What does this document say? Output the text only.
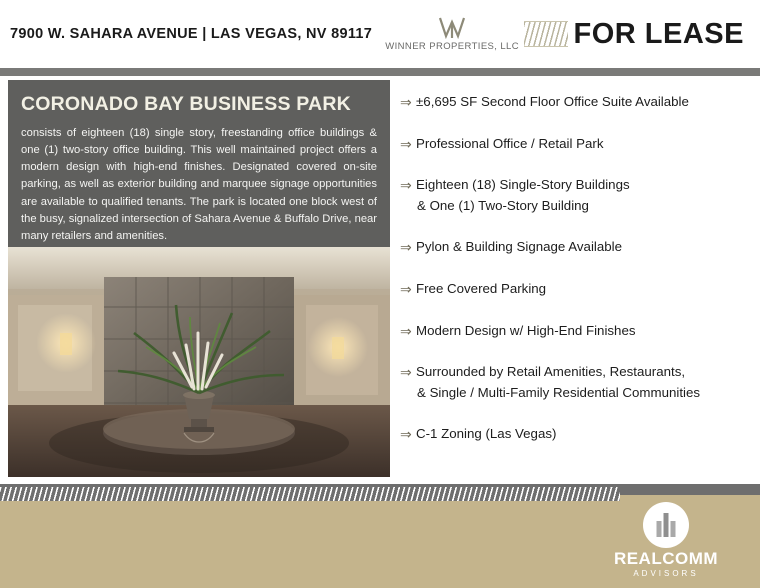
7900 W. SAHARA AVENUE | LAS VEGAS, NV 89117
WINNER PROPERTIES, LLC FOR LEASE
CORONADO BAY BUSINESS PARK
consists of eighteen (18) single story, freestanding office buildings & one (1) two-story office building. This well maintained project offers a modern design with high-end finishes. Designated covered on-site parking, as well as exterior building and marquee signage opportunities are available to qualified tenants. The park is located one block west of the busy, signalized intersection of Sahara Avenue & Buffalo Drive, near many retailers and amenities.
⇒ ±6,695 SF Second Floor Office Suite Available
⇒ Professional Office / Retail Park
⇒ Eighteen (18) Single-Story Buildings
& One (1) Two-Story Building
⇒ Pylon & Building Signage Available
⇒ Free Covered Parking
⇒ Modern Design w/ High-End Finishes
⇒ Surrounded by Retail Amenities, Restaurants,
& Single / Multi-Family Residential Communities
⇒ C-1 Zoning (Las Vegas)
REALCOMM
ADVISORS
